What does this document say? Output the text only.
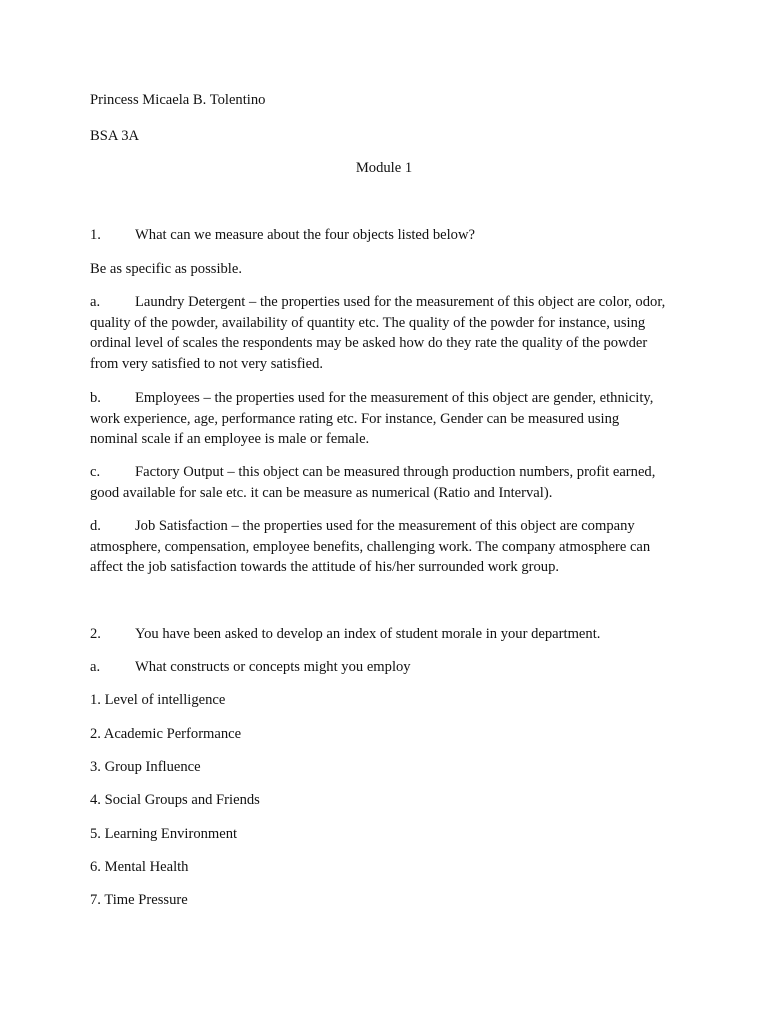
Princess Micaela B. Tolentino
BSA 3A
Module 1
1. What can we measure about the four objects listed below?
Be as specific as possible.
a. Laundry Detergent – the properties used for the measurement of this object are color, odor, quality of the powder, availability of quantity etc. The quality of the powder for instance, using ordinal level of scales the respondents may be asked how do they rate the quality of the powder from very satisfied to not very satisfied.
b. Employees – the properties used for the measurement of this object are gender, ethnicity, work experience, age, performance rating etc. For instance, Gender can be measured using nominal scale if an employee is male or female.
c. Factory Output – this object can be measured through production numbers, profit earned, good available for sale etc. it can be measure as numerical (Ratio and Interval).
d. Job Satisfaction – the properties used for the measurement of this object are company atmosphere, compensation, employee benefits, challenging work. The company atmosphere can affect the job satisfaction towards the attitude of his/her surrounded work group.
2. You have been asked to develop an index of student morale in your department.
a. What constructs or concepts might you employ
1. Level of intelligence
2. Academic Performance
3. Group Influence
4. Social Groups and Friends
5. Learning Environment
6. Mental Health
7. Time Pressure
